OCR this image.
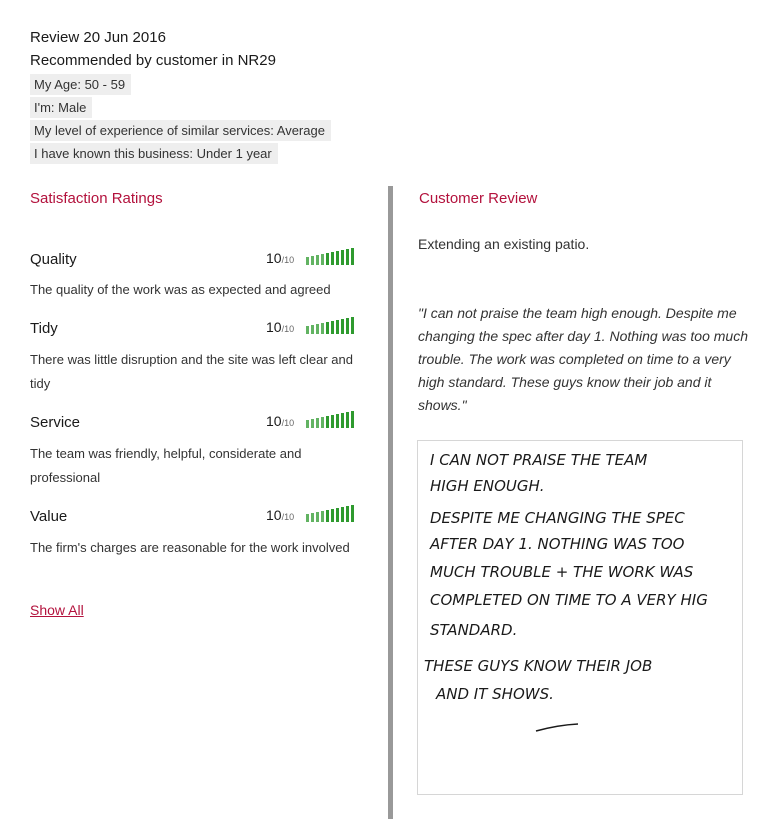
Review 20 Jun 2016
Recommended by customer in NR29
My Age: 50 - 59
I'm: Male
My level of experience of similar services: Average
I have known this business: Under 1 year
Satisfaction Ratings	Customer Review
Quality	10/10
The quality of the work was as expected and agreed
Tidy	10/10
There was little disruption and the site was left clear and tidy
Service	10/10
The team was friendly, helpful, considerate and professional
Value	10/10
The firm's charges are reasonable for the work involved
Show All
Extending an existing patio.
"I can not praise the team high enough. Despite me changing the spec after day 1. Nothing was too much trouble. The work was completed on time to a very high standard. These guys know their job and it shows."
I CAN NOT PRAISE THE TEAM
HIGH ENOUGH.
DESPITE ME CHANGING THE SPEC
AFTER DAY 1. NOTHING WAS TOO
MUCH TROUBLE + THE WORK WAS
COMPLETED ON TIME TO A VERY HIG
STANDARD.
THESE GUYS KNOW THEIR JOB
AND IT SHOWS.
